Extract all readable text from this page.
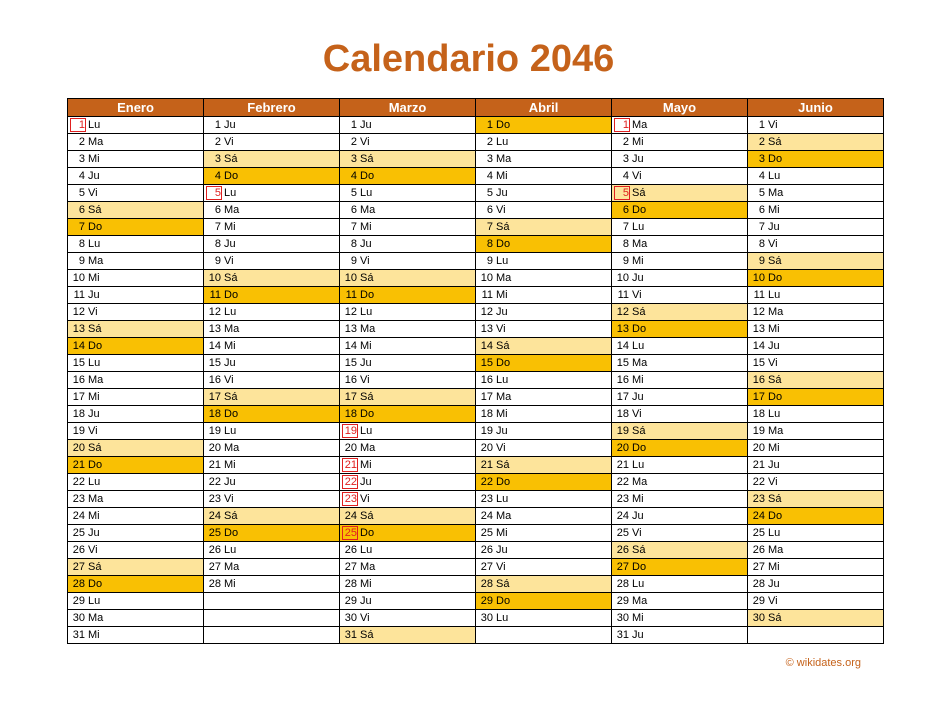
Calendario 2046
Enero	Febrero	Marzo	Abril	Mayo	Junio
1 Lu	1 Ju	1 Ju	1 Do	1 Ma	1 Vi
2 Ma	2 Vi	2 Vi	2 Lu	2 Mi	2 Sá
3 Mi	3 Sá	3 Sá	3 Ma	3 Ju	3 Do
4 Ju	4 Do	4 Do	4 Mi	4 Vi	4 Lu
5 Vi	5 Lu	5 Lu	5 Ju	5 Sá	5 Ma
6 Sá	6 Ma	6 Ma	6 Vi	6 Do	6 Mi
7 Do	7 Mi	7 Mi	7 Sá	7 Lu	7 Ju
8 Lu	8 Ju	8 Ju	8 Do	8 Ma	8 Vi
9 Ma	9 Vi	9 Vi	9 Lu	9 Mi	9 Sá
10 Mi	10 Sá	10 Sá	10 Ma	10 Ju	10 Do
11 Ju	11 Do	11 Do	11 Mi	11 Vi	11 Lu
12 Vi	12 Lu	12 Lu	12 Ju	12 Sá	12 Ma
13 Sá	13 Ma	13 Ma	13 Vi	13 Do	13 Mi
14 Do	14 Mi	14 Mi	14 Sá	14 Lu	14 Ju
15 Lu	15 Ju	15 Ju	15 Do	15 Ma	15 Vi
16 Ma	16 Vi	16 Vi	16 Lu	16 Mi	16 Sá
17 Mi	17 Sá	17 Sá	17 Ma	17 Ju	17 Do
18 Ju	18 Do	18 Do	18 Mi	18 Vi	18 Lu
19 Vi	19 Lu	19 Lu	19 Ju	19 Sá	19 Ma
20 Sá	20 Ma	20 Ma	20 Vi	20 Do	20 Mi
21 Do	21 Mi	21 Mi	21 Sá	21 Lu	21 Ju
22 Lu	22 Ju	22 Ju	22 Do	22 Ma	22 Vi
23 Ma	23 Vi	23 Vi	23 Lu	23 Mi	23 Sá
24 Mi	24 Sá	24 Sá	24 Ma	24 Ju	24 Do
25 Ju	25 Do	25 Do	25 Mi	25 Vi	25 Lu
26 Vi	26 Lu	26 Lu	26 Ju	26 Sá	26 Ma
27 Sá	27 Ma	27 Ma	27 Vi	27 Do	27 Mi
28 Do	28 Mi	28 Mi	28 Sá	28 Lu	28 Ju
29 Lu		29 Ju	29 Do	29 Ma	29 Vi
30 Ma		30 Vi	30 Lu	30 Mi	30 Sá
31 Mi		31 Sá		31 Ju	
© wikidates.org
